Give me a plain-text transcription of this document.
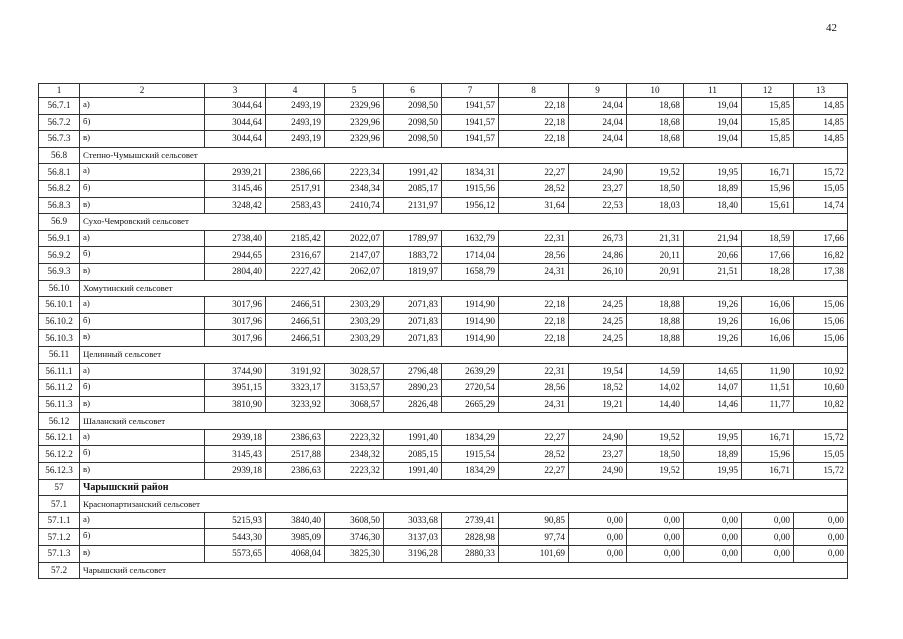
42
1	2	3	4	5	6	7	8	9	10	11	12	13
56.7.1	а)	3044,64	2493,19	2329,96	2098,50	1941,57	22,18	24,04	18,68	19,04	15,85	14,85
56.7.2	б)	3044,64	2493,19	2329,96	2098,50	1941,57	22,18	24,04	18,68	19,04	15,85	14,85
56.7.3	в)	3044,64	2493,19	2329,96	2098,50	1941,57	22,18	24,04	18,68	19,04	15,85	14,85
56.8	Степно-Чумышский сельсовет											
56.8.1	а)	2939,21	2386,66	2223,34	1991,42	1834,31	22,27	24,90	19,52	19,95	16,71	15,72
56.8.2	б)	3145,46	2517,91	2348,34	2085,17	1915,56	28,52	23,27	18,50	18,89	15,96	15,05
56.8.3	в)	3248,42	2583,43	2410,74	2131,97	1956,12	31,64	22,53	18,03	18,40	15,61	14,74
56.9	Сухо-Чемровский сельсовет											
56.9.1	а)	2738,40	2185,42	2022,07	1789,97	1632,79	22,31	26,73	21,31	21,94	18,59	17,66
56.9.2	б)	2944,65	2316,67	2147,07	1883,72	1714,04	28,56	24,86	20,11	20,66	17,66	16,82
56.9.3	в)	2804,40	2227,42	2062,07	1819,97	1658,79	24,31	26,10	20,91	21,51	18,28	17,38
56.10	Хомутинский сельсовет											
56.10.1	а)	3017,96	2466,51	2303,29	2071,83	1914,90	22,18	24,25	18,88	19,26	16,06	15,06
56.10.2	б)	3017,96	2466,51	2303,29	2071,83	1914,90	22,18	24,25	18,88	19,26	16,06	15,06
56.10.3	в)	3017,96	2466,51	2303,29	2071,83	1914,90	22,18	24,25	18,88	19,26	16,06	15,06
56.11	Целинный сельсовет											
56.11.1	а)	3744,90	3191,92	3028,57	2796,48	2639,29	22,31	19,54	14,59	14,65	11,90	10,92
56.11.2	б)	3951,15	3323,17	3153,57	2890,23	2720,54	28,56	18,52	14,02	14,07	11,51	10,60
56.11.3	в)	3810,90	3233,92	3068,57	2826,48	2665,29	24,31	19,21	14,40	14,46	11,77	10,82
56.12	Шаланский сельсовет											
56.12.1	а)	2939,18	2386,63	2223,32	1991,40	1834,29	22,27	24,90	19,52	19,95	16,71	15,72
56.12.2	б)	3145,43	2517,88	2348,32	2085,15	1915,54	28,52	23,27	18,50	18,89	15,96	15,05
56.12.3	в)	2939,18	2386,63	2223,32	1991,40	1834,29	22,27	24,90	19,52	19,95	16,71	15,72
57	Чарышский район											
57.1	Краснопартизанский сельсовет											
57.1.1	а)	5215,93	3840,40	3608,50	3033,68	2739,41	90,85	0,00	0,00	0,00	0,00	0,00
57.1.2	б)	5443,30	3985,09	3746,30	3137,03	2828,98	97,74	0,00	0,00	0,00	0,00	0,00
57.1.3	в)	5573,65	4068,04	3825,30	3196,28	2880,33	101,69	0,00	0,00	0,00	0,00	0,00
57.2	Чарышский сельсовет											
